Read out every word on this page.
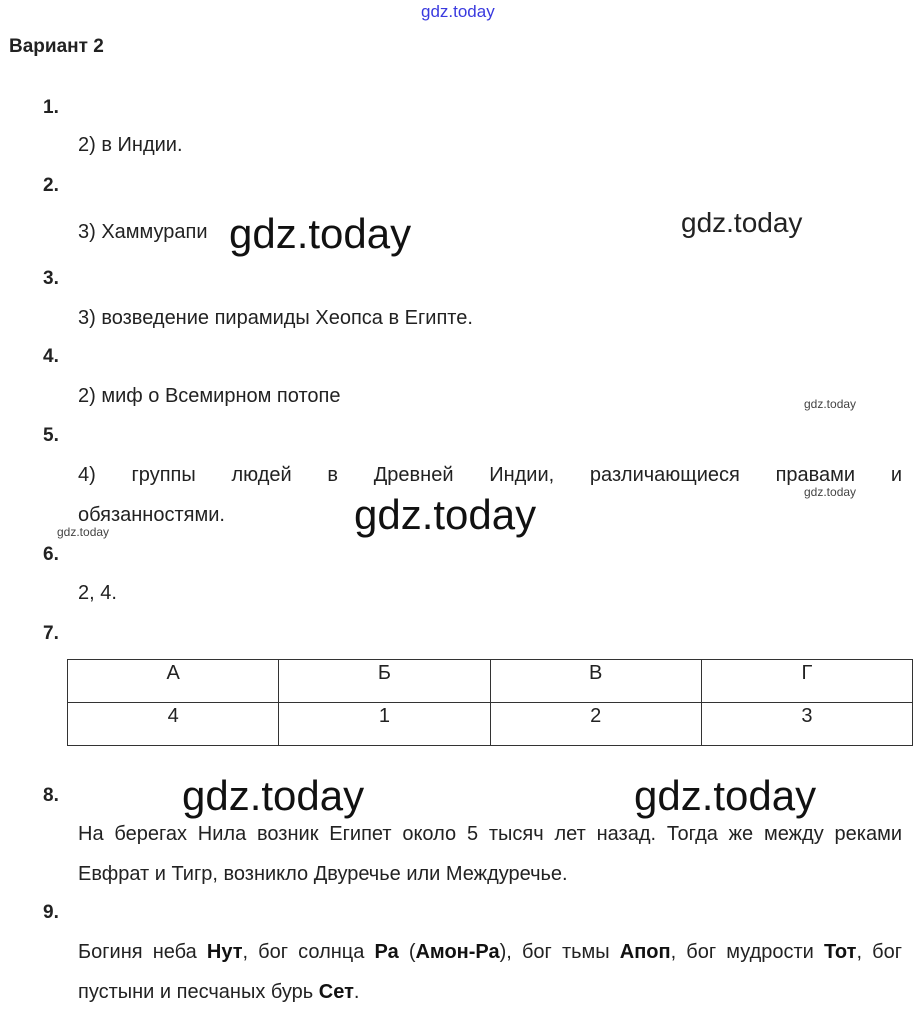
gdz.today
Вариант 2
1.
2) в Индии.
2.
3) Хаммурапи gdz.today	gdz.today
3.
3) возведение пирамиды Хеопса в Египте.
4.
2) миф о Всемирном потопе	gdz.today
5.
4) группы людей в Древней Индии, различающиеся правами и
обязанностями.
gdz.today
gdz.today
gdz.today
6.
2, 4.
7.
А	Б	В	Г
4	1	2	3
8.	gdz.today	gdz.today
На берегах Нила возник Египет около 5 тысяч лет назад. Тогда же между реками Евфрат и Тигр, возникло Двуречье или Междуречье.
9.
Богиня неба Нут, бог солнца Ра (Амон-Ра), бог тьмы Апоп, бог мудрости Тот, бог пустыни и песчаных бурь Сет.
